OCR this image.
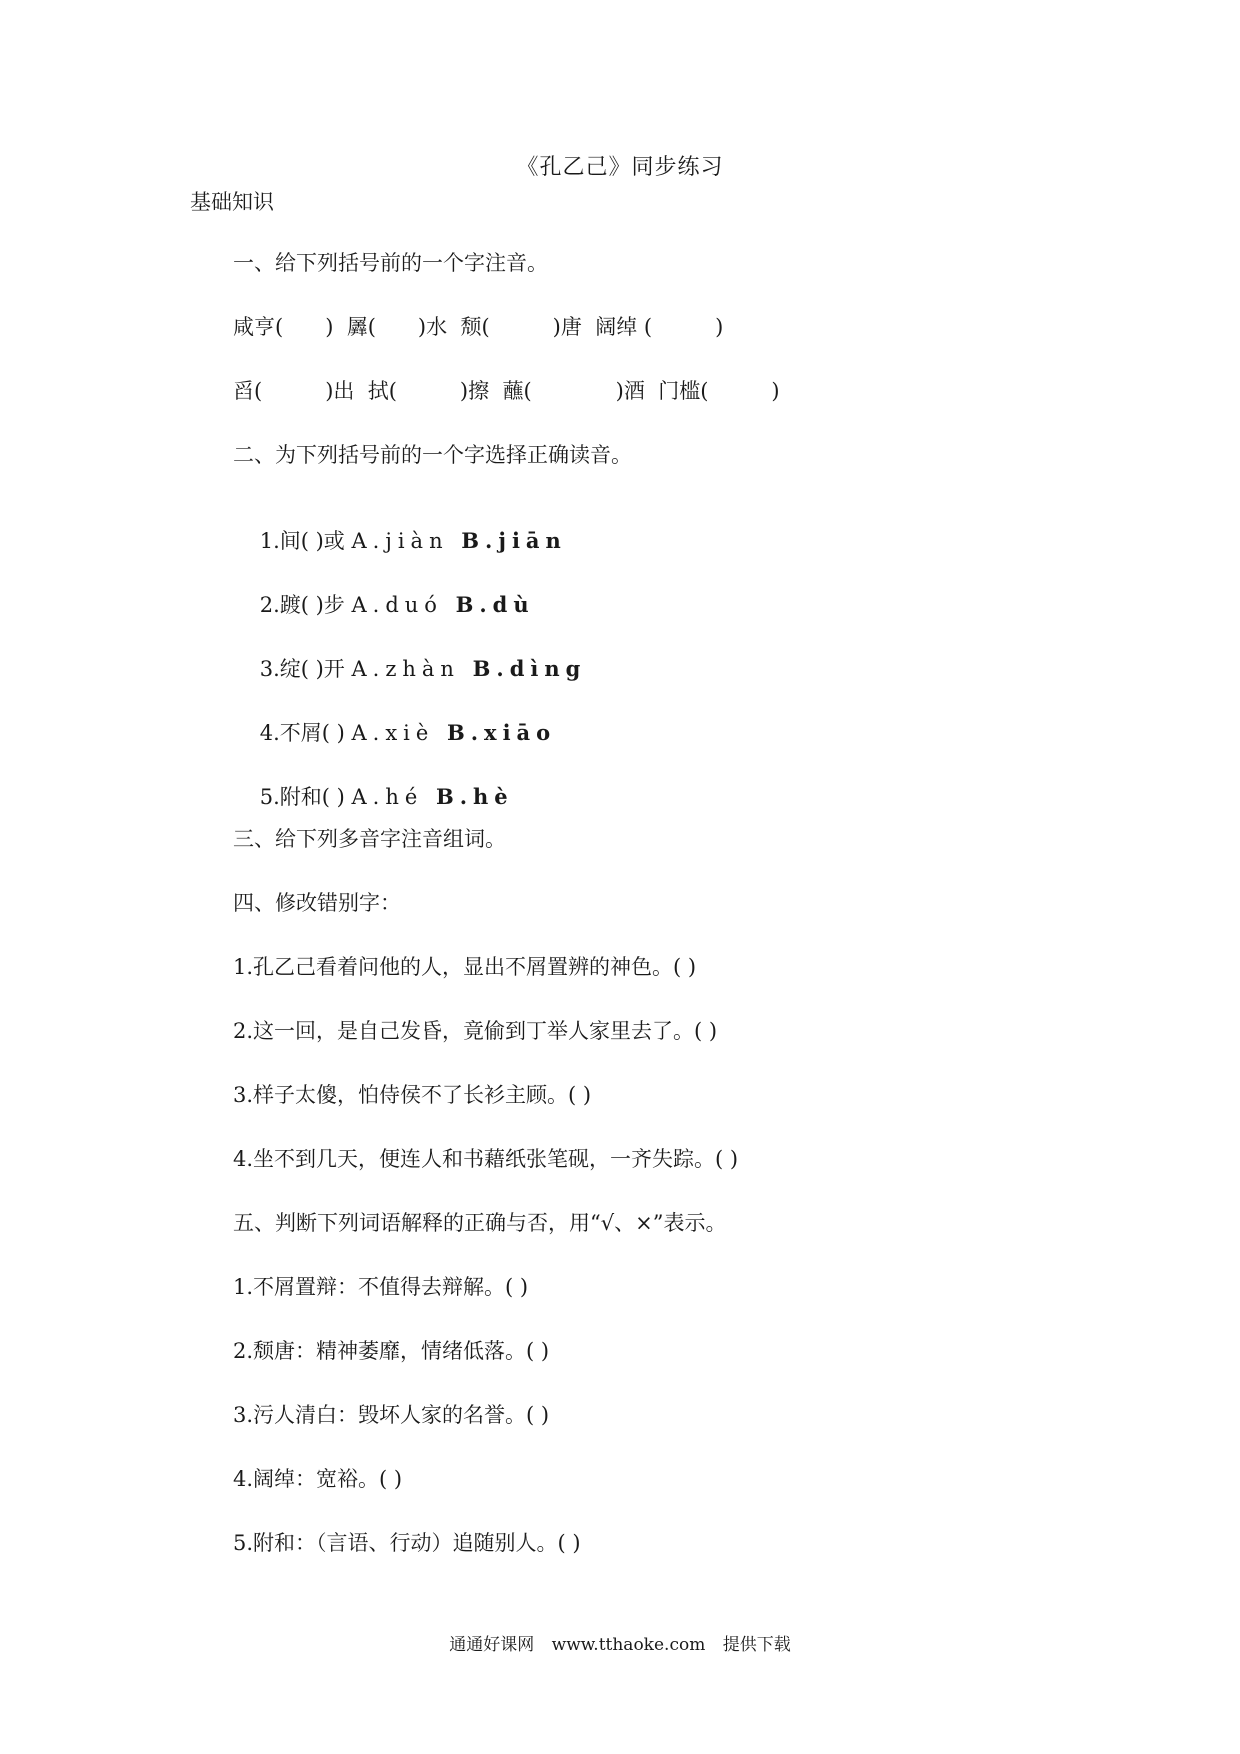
《孔乙己》同步练习
基础知识
一、给下列括号前的一个字注音。
咸亨(　　)  羼(　　)水  颓(　　　)唐  阔绰 (　　　)
舀(　　　)出  拭(　　　)擦  蘸(　　　　)酒  门槛(　　　)
二、为下列括号前的一个字选择正确读音。

1.间( )或 A.jiàn B.jiān

2.踱( )步 A.duó B.dù

3.绽( )开 A.zhàn B.dìng

4.不屑( ) A.xiè B.xiāo

5.附和( ) A.hé B.hè

三、给下列多音字注音组词。
四、修改错别字：
1.孔乙己看着问他的人，显出不屑置辨的神色。( )
2.这一回，是自己发昏，竟偷到丁举人家里去了。( )
3.样子太傻，怕侍侯不了长衫主顾。( )
4.坐不到几天，便连人和书藉纸张笔砚，一齐失踪。( )
五、判断下列词语解释的正确与否，用“√、×”表示。
1.不屑置辩：不值得去辩解。( )
2.颓唐：精神萎靡，情绪低落。( )
3.污人清白：毁坏人家的名誉。( )
4.阔绰：宽裕。( )
5.附和：（言语、行动）追随别人。( )
通通好课网 www.tthaoke.com 提供下载
